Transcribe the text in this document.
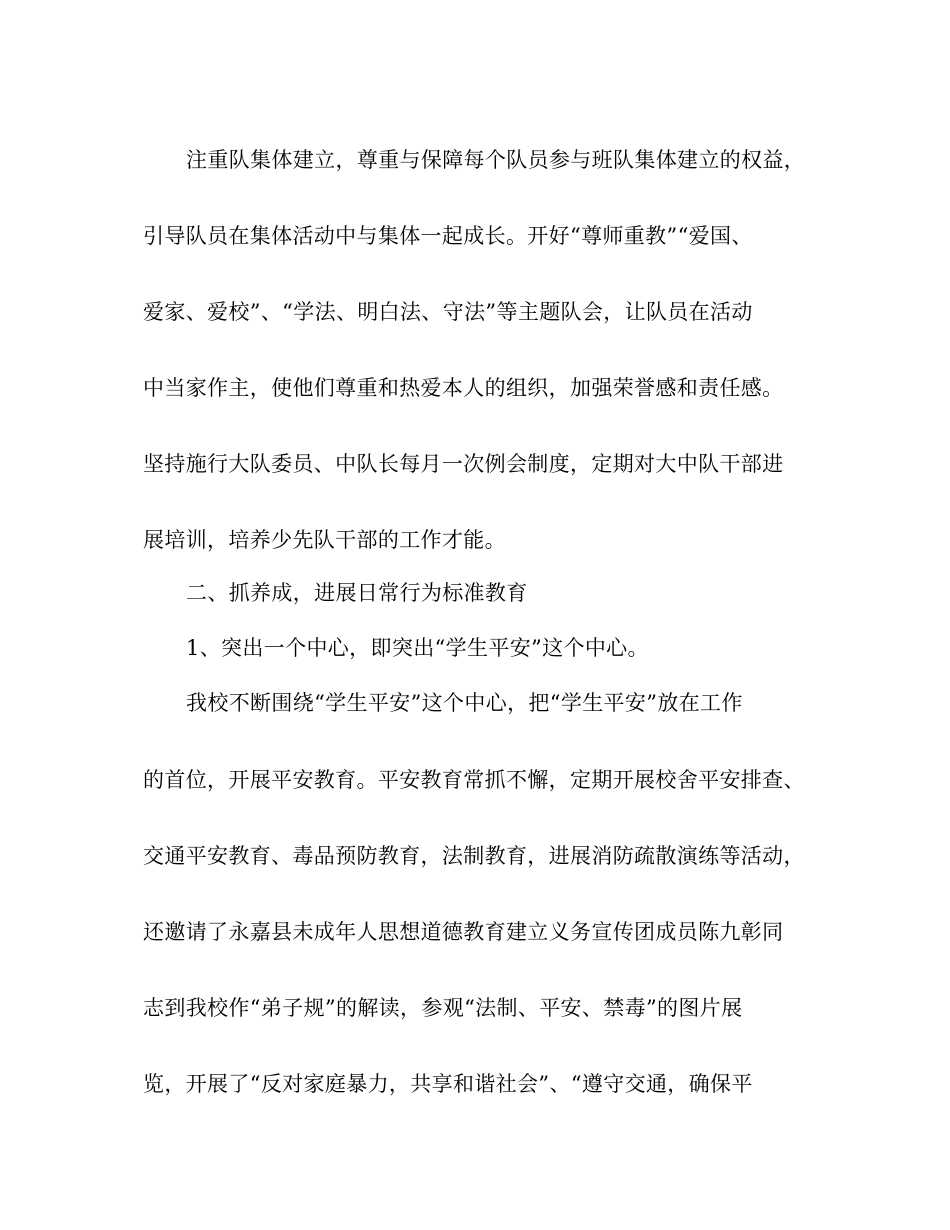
注重队集体建立，尊重与保障每个队员参与班队集体建立的权益，
引导队员在集体活动中与集体一起成长。开好“尊师重教”“爱国、
爱家、爱校”、“学法、明白法、守法”等主题队会，让队员在活动
中当家作主，使他们尊重和热爱本人的组织，加强荣誉感和责任感。
坚持施行大队委员、中队长每月一次例会制度，定期对大中队干部进
展培训，培养少先队干部的工作才能。
二、抓养成，进展日常行为标准教育
1、突出一个中心，即突出“学生平安”这个中心。
我校不断围绕“学生平安”这个中心，把“学生平安”放在工作
的首位，开展平安教育。平安教育常抓不懈，定期开展校舍平安排查、
交通平安教育、毒品预防教育，法制教育，进展消防疏散演练等活动，
还邀请了永嘉县未成年人思想道德教育建立义务宣传团成员陈九彰同
志到我校作“弟子规”的解读，参观“法制、平安、禁毒”的图片展
览，开展了“反对家庭暴力，共享和谐社会”、“遵守交通，确保平
